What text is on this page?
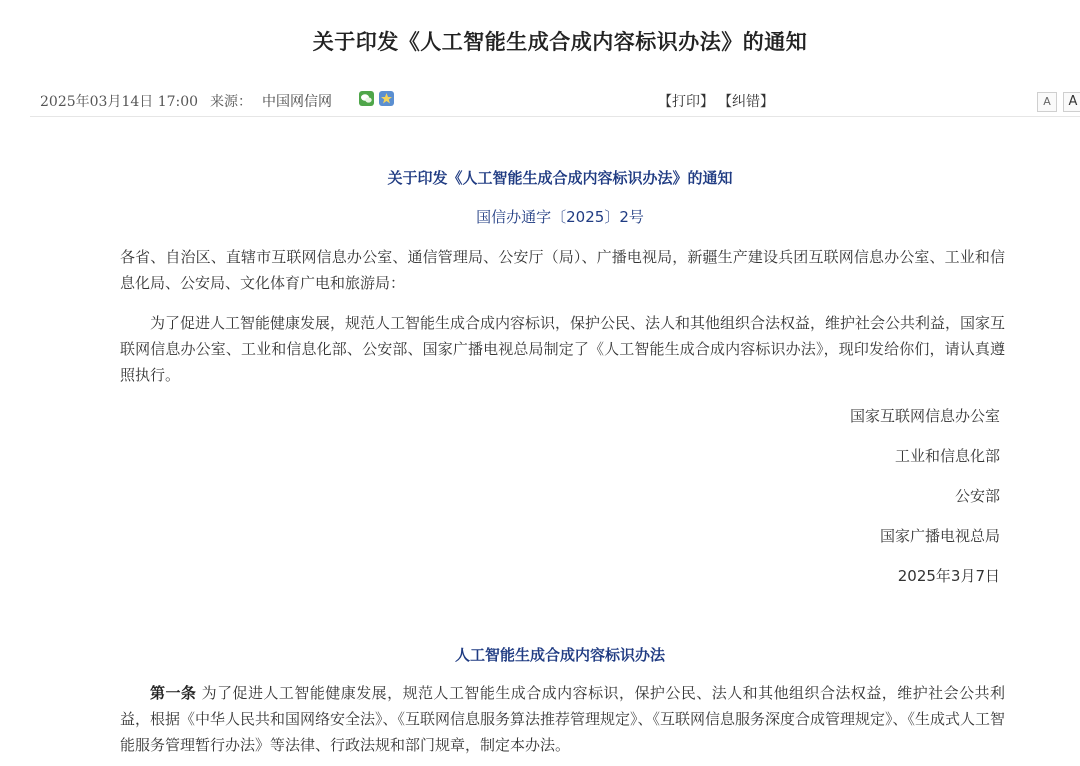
关于印发《人工智能生成合成内容标识办法》的通知
2025年03月14日 17:00 来源： 中国网信网	【打印】 【纠错】	A	A
关于印发《人工智能生成合成内容标识办法》的通知
国信办通字〔2025〕2号

各省、自治区、直辖市互联网信息办公室、通信管理局、公安厅（局）、广播电视局，新疆生产建设兵团互联网信息办公室、工业和信息化局、公安局、文化体育广电和旅游局：

为了促进人工智能健康发展，规范人工智能生成合成内容标识，保护公民、法人和其他组织合法权益，维护社会公共利益，国家互联网信息办公室、工业和信息化部、公安部、国家广播电视总局制定了《人工智能生成合成内容标识办法》，现印发给你们，请认真遵照执行。

国家互联网信息办公室
工业和信息化部
公安部
国家广播电视总局
2025年3月7日
人工智能生成合成内容标识办法

第一条 为了促进人工智能健康发展，规范人工智能生成合成内容标识，保护公民、法人和其他组织合法权益，维护社会公共利益，根据《中华人民共和国网络安全法》、《互联网信息服务算法推荐管理规定》、《互联网信息服务深度合成管理规定》、《生成式人工智能服务管理暂行办法》等法律、行政法规和部门规章，制定本办法。
